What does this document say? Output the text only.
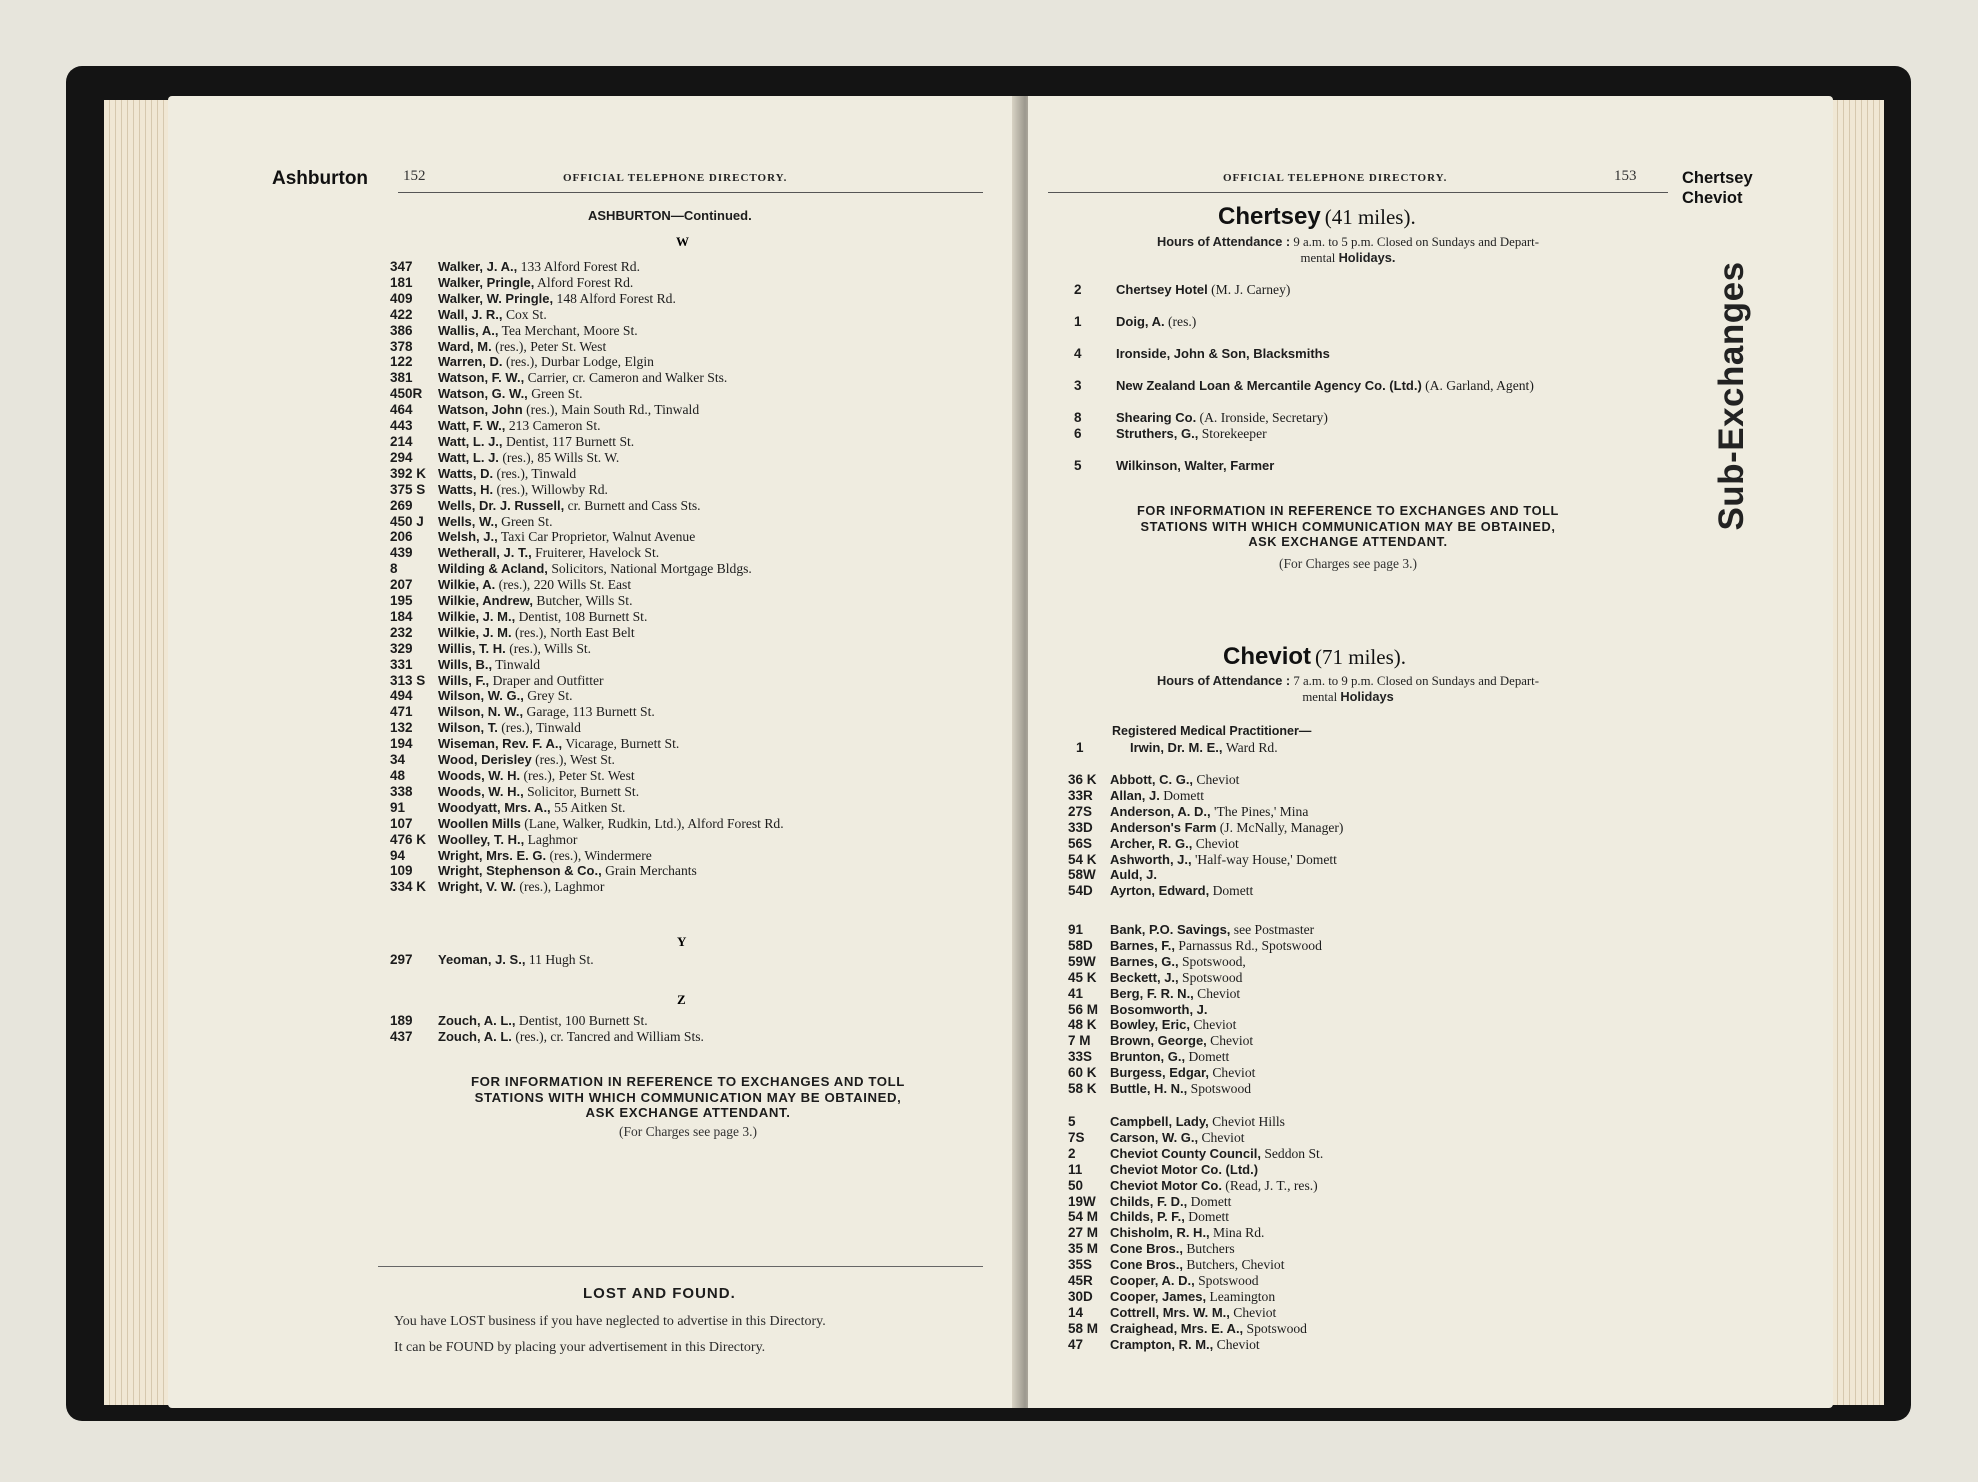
Ashburton 152	OFFICIAL TELEPHONE DIRECTORY.
ASHBURTON—Continued.
W
347	Walker, J. A., 133 Alford Forest Rd.
181	Walker, Pringle, Alford Forest Rd.
409	Walker, W. Pringle, 148 Alford Forest Rd.
422	Wall, J. R., Cox St.
386	Wallis, A., Tea Merchant, Moore St.
378	Ward, M. (res.), Peter St. West
122	Warren, D. (res.), Durbar Lodge, Elgin
381	Watson, F. W., Carrier, cr. Cameron and Walker Sts.
450R	Watson, G. W., Green St.
464	Watson, John (res.), Main South Rd., Tinwald
443	Watt, F. W., 213 Cameron St.
214	Watt, L. J., Dentist, 117 Burnett St.
294	Watt, L. J. (res.), 85 Wills St. W.
392 K Watts, D. (res.), Tinwald
375 S Watts, H. (res.), Willowby Rd.
269	Wells, Dr. J. Russell, cr. Burnett and Cass Sts.
450 J	Wells, W., Green St.
206	Welsh, J., Taxi Car Proprietor, Walnut Avenue
439	Wetherall, J. T., Fruiterer, Havelock St.
8	Wilding & Acland, Solicitors, National Mortgage Bldgs.
207	Wilkie, A. (res.), 220 Wills St. East
195	Wilkie, Andrew, Butcher, Wills St.
184	Wilkie, J. M., Dentist, 108 Burnett St.
232	Wilkie, J. M. (res.), North East Belt
329	Willis, T. H. (res.), Wills St.
331	Wills, B., Tinwald
313 S Wills, F., Draper and Outfitter
494	Wilson, W. G., Grey St.
471	Wilson, N. W., Garage, 113 Burnett St.
132	Wilson, T. (res.), Tinwald
194	Wiseman, Rev. F. A., Vicarage, Burnett St.
34	Wood, Derisley (res.), West St.
48	Woods, W. H. (res.), Peter St. West
338	Woods, W. H., Solicitor, Burnett St.
91	Woodyatt, Mrs. A., 55 Aitken St.
107	Woollen Mills (Lane, Walker, Rudkin, Ltd.), Alford Forest Rd.
476 K Woolley, T. H., Laghmor
94	Wright, Mrs. E. G. (res.), Windermere
109	Wright, Stephenson & Co., Grain Merchants
334 K Wright, V. W. (res.), Laghmor
Y
297	Yeoman, J. S., 11 Hugh St.
Z
189	Zouch, A. L., Dentist, 100 Burnett St.
437	Zouch, A. L. (res.), cr. Tancred and William Sts.
FOR INFORMATION IN REFERENCE TO EXCHANGES AND TOLL
STATIONS WITH WHICH COMMUNICATION MAY BE OBTAINED,
ASK EXCHANGE ATTENDANT.
(For Charges see page 3.)
LOST AND FOUND.
You have LOST business if you have neglected to advertise in this Directory.
It can be FOUND by placing your advertisement in this Directory.
OFFICIAL TELEPHONE DIRECTORY.	153	Chertsey
Cheviot
Sub-Exchanges
Chertsey (41 miles).
Hours of Attendance : 9 a.m. to 5 p.m. Closed on Sundays and Depart-
mental Holidays.
2	Chertsey Hotel (M. J. Carney)
1	Doig, A. (res.)
4	Ironside, John & Son, Blacksmiths
3	New Zealand Loan & Mercantile Agency Co. (Ltd.) (A. Garland, Agent)
8	Shearing Co. (A. Ironside, Secretary)
6	Struthers, G., Storekeeper
5	Wilkinson, Walter, Farmer
FOR INFORMATION IN REFERENCE TO EXCHANGES AND TOLL
STATIONS WITH WHICH COMMUNICATION MAY BE OBTAINED,
ASK EXCHANGE ATTENDANT.
(For Charges see page 3.)
Cheviot (71 miles).
Hours of Attendance : 7 a.m. to 9 p.m. Closed on Sundays and Depart-
mental Holidays
Registered Medical Practitioner—
1	Irwin, Dr. M. E., Ward Rd.
36 K	Abbott, C. G., Cheviot
33R	Allan, J. Domett
27S	Anderson, A. D., 'The Pines,' Mina
33D	Anderson's Farm (J. McNally, Manager)
56S	Archer, R. G., Cheviot
54 K	Ashworth, J., 'Half-way House,' Domett
58W	Auld, J.
54D	Ayrton, Edward, Domett
91	Bank, P.O. Savings, see Postmaster
58D	Barnes, F., Parnassus Rd., Spotswood
59W	Barnes, G., Spotswood,
45 K	Beckett, J., Spotswood
41	Berg, F. R. N., Cheviot
56 M Bosomworth, J.
48 K	Bowley, Eric, Cheviot
7 M	Brown, George, Cheviot
33S	Brunton, G., Domett
60 K	Burgess, Edgar, Cheviot
58 K	Buttle, H. N., Spotswood
5	Campbell, Lady, Cheviot Hills
7S	Carson, W. G., Cheviot
2	Cheviot County Council, Seddon St.
11	Cheviot Motor Co. (Ltd.)
50	Cheviot Motor Co. (Read, J. T., res.)
19W	Childs, F. D., Domett
54 M Childs, P. F., Domett
27 M Chisholm, R. H., Mina Rd.
35 M Cone Bros., Butchers
35S	Cone Bros., Butchers, Cheviot
45R	Cooper, A. D., Spotswood
30D	Cooper, James, Leamington
14	Cottrell, Mrs. W. M., Cheviot
58 M Craighead, Mrs. E. A., Spotswood
47	Crampton, R. M., Cheviot
